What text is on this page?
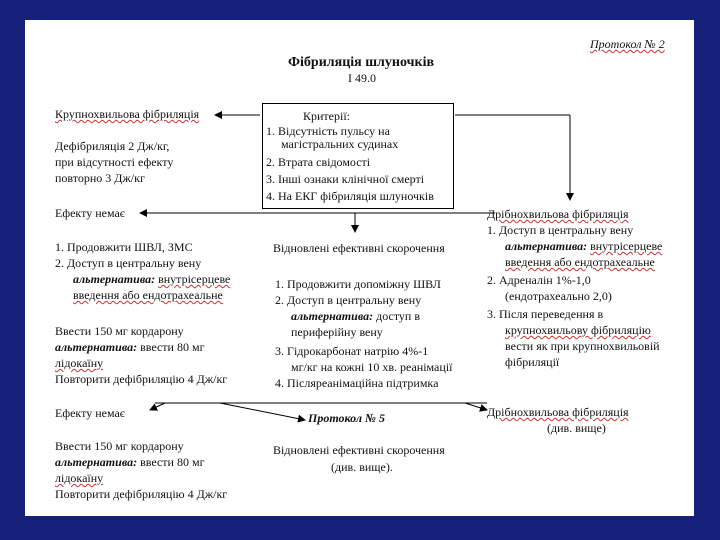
Протокол № 2
Фібриляція шлуночків
I 49.0
Критерії:
1. Відсутність пульсу на
магістральних судинах
2. Втрата свідомості
3. Інші ознаки клінічної смерті
4. На ЕКГ фібриляція шлуночків
Крупнохвильова фібриляція
Дефібриляція 2 Дж/кг,
при відсутності ефекту
повторно 3 Дж/кг
Ефекту немає
1. Продовжити ШВЛ, ЗМС
2. Доступ в центральну вену
альтернатива: внутрісерцеве
введення або ендотрахеальне
Ввести 150 мг кордарону
альтернатива: ввести 80 мг
лідокаїну
Повторити дефібриляцію 4 Дж/кг
Ефекту немає
Ввести 150 мг кордарону
альтернатива: ввести 80 мг
лідокаїну
Повторити дефібриляцію 4 Дж/кг
Відновлені ефективні скорочення
1. Продовжити допоміжну ШВЛ
2. Доступ в центральну вену
альтернатива: доступ в
периферійну вену
3. Гідрокарбонат натрію 4%-1
мг/кг на кожні 10 хв. реанімації
4. Післяреанімаційна підтримка
Протокол № 5
Відновлені ефективні скорочення
(див. вище).
Дрібнохвильова фібриляція
1. Доступ в центральну вену
альтернатива: внутрісерцеве
введення або ендотрахеальне
2. Адреналін 1%-1,0
(ендотрахеально 2,0)
3. Після переведення в
крупнохвильову фібриляцію
вести як при крупнохвильовій
фібриляції
Дрібнохвильова фібриляція
(див. вище)
